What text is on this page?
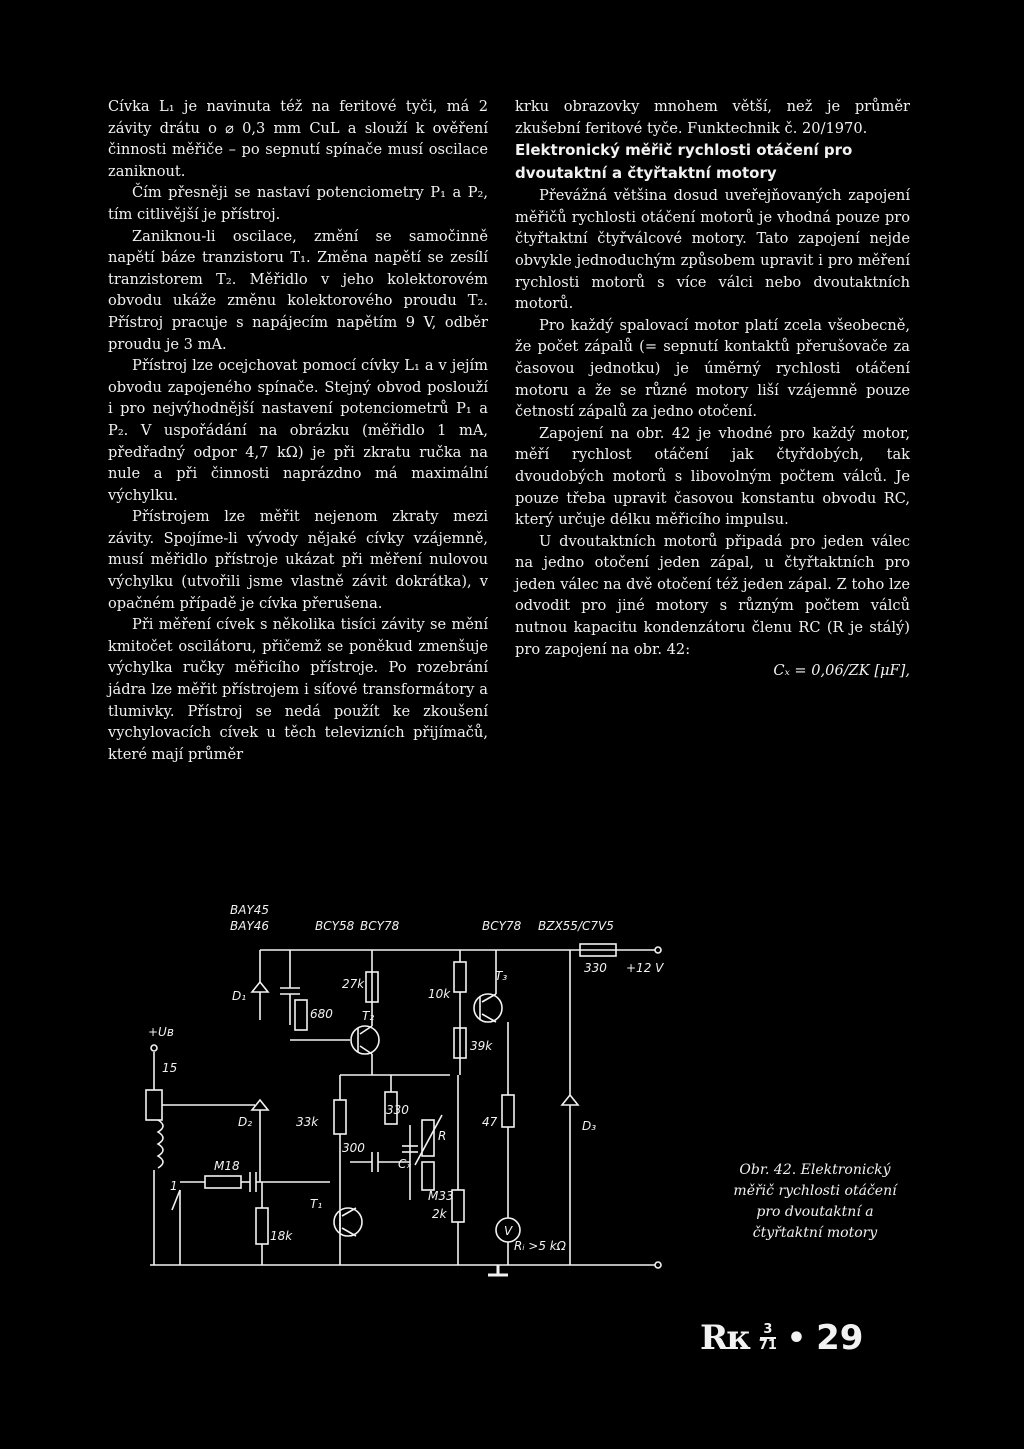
Cívka L₁ je navinuta též na feritové tyči, má 2 závity drátu o ⌀ 0,3 mm CuL a slouží k ověření činnosti měřiče – po sepnutí spínače musí oscilace zaniknout.

Čím přesněji se nastaví potenciometry P₁ a P₂, tím citlivější je přístroj.

Zaniknou-li oscilace, změní se samočinně napětí báze tranzistoru T₁. Změna napětí se zesílí tranzistorem T₂. Měřidlo v jeho kolektorovém obvodu ukáže změnu kolektorového proudu T₂. Přístroj pracuje s napájecím napětím 9 V, odběr proudu je 3 mA.

Přístroj lze ocejchovat pomocí cívky L₁ a v jejím obvodu zapojeného spínače. Stejný obvod poslouží i pro nejvýhodnější nastavení potenciometrů P₁ a P₂. V uspořádání na obrázku (měřidlo 1 mA, předřadný odpor 4,7 kΩ) je při zkratu ručka na nule a při činnosti naprázdno má maximální výchylku.

Přístrojem lze měřit nejenom zkraty mezi závity. Spojíme-li vývody nějaké cívky vzájemně, musí měřidlo přístroje ukázat při měření nulovou výchylku (utvořili jsme vlastně závit dokrátka), v opačném případě je cívka přerušena.

Při měření cívek s několika tisíci závity se mění kmitočet oscilátoru, přičemž se poněkud zmenšuje výchylka ručky měřicího přístroje. Po rozebrání jádra lze měřit přístrojem i síťové transformátory a tlumivky. Přístroj se nedá použít ke zkoušení vychylovacích cívek u těch televizních přijímačů, které mají průměr

krku obrazovky mnohem větší, než je průměr zkušební feritové tyče. Funktechnik č. 20/1970.

Elektronický měřič rychlosti otáčení pro dvoutaktní a čtyřtaktní motory

Převážná většina dosud uveřejňovaných zapojení měřičů rychlosti otáčení motorů je vhodná pouze pro čtyřtaktní čtyřválcové motory. Tato zapojení nejde obvykle jednoduchým způsobem upravit i pro měření rychlosti motorů s více válci nebo dvoutaktních motorů.

Pro každý spalovací motor platí zcela všeobecně, že počet zápalů (= sepnutí kontaktů přerušovače za časovou jednotku) je úměrný rychlosti otáčení motoru a že se různé motory liší vzájemně pouze četností zápalů za jedno otočení.

Zapojení na obr. 42 je vhodné pro každý motor, měří rychlost otáčení jak čtyřdobých, tak dvoudobých motorů s libovolným počtem válců. Je pouze třeba upravit časovou konstantu obvodu RC, který určuje délku měřicího impulsu.

U dvoutaktních motorů připadá pro jeden válec na jedno otočení jeden zápal, u čtyřtaktních pro jeden válec na dvě otočení též jeden zápal. Z toho lze odvodit pro jiné motory s různým počtem válců nutnou kapacitu kondenzátoru členu RC (R je stálý) pro zapojení na obr. 42:

Cₓ = 0,06/ZK [μF],

BAY45
BAY46	BCY58 BCY78	BCY78 BZX55/C7V5
330 +12 V
D₁
680
27k
T₂
10k
T₃
39k
+Uʙ
15
D₂	33k
330
Cₓ
R
47	D₃
M18
300
M33
1
T₁
2k
V
Rᵢ >5 kΩ
18k
Obr. 42. Elektronický měřič rychlosti otáčení pro dvoutaktní a čtyřtaktní motory
Rᴋ 3
71 • 29
